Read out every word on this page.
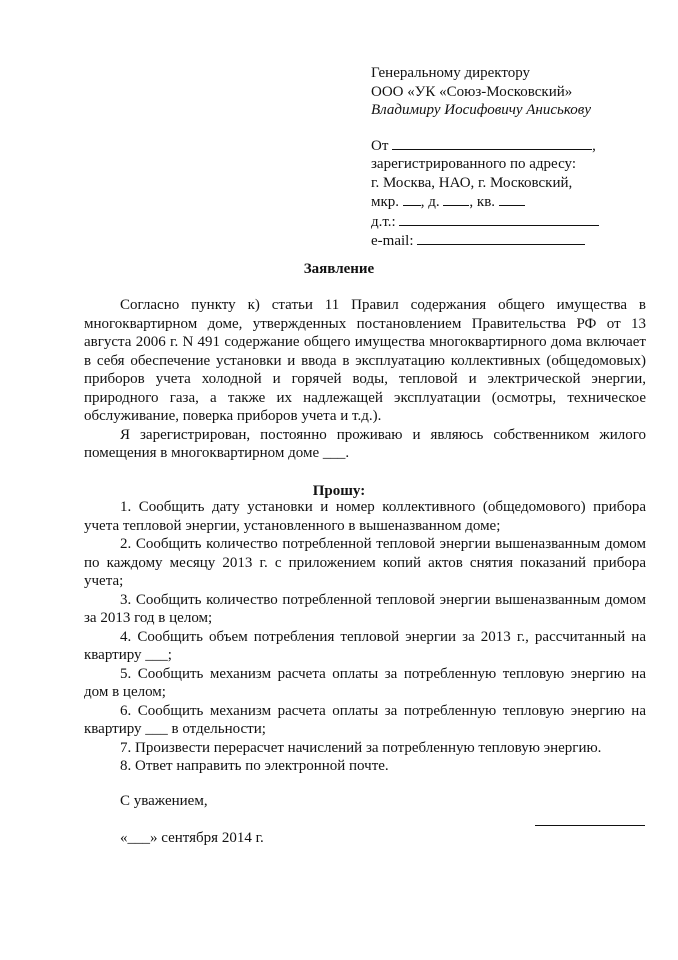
Генеральному директору
ООО «УК «Союз-Московский»
Владимиру Иосифовичу Аниськову
От	,
зарегистрированного по адресу:
г. Москва, НАО, г. Московский,
мкр. , д. , кв.
д.т.:
e-mail:
Заявление

Согласно пункту к) статьи 11 Правил содержания общего имущества в многоквартирном доме, утвержденных постановлением Правительства РФ от 13 августа 2006 г. N 491 содержание общего имущества многоквартирного дома включает в себя обеспечение установки и ввода в эксплуатацию коллективных (общедомовых) приборов учета холодной и горячей воды, тепловой и электрической энергии, природного газа, а также их надлежащей эксплуатации (осмотры, техническое обслуживание, поверка приборов учета и т.д.).

Я зарегистрирован, постоянно проживаю и являюсь собственником жилого помещения в многоквартирном доме ___.

Прошу:

1. Сообщить дату установки и номер коллективного (общедомового) прибора учета тепловой энергии, установленного в вышеназванном доме;

2. Сообщить количество потребленной тепловой энергии вышеназванным домом по каждому месяцу 2013 г. с приложением копий актов снятия показаний прибора учета;

3. Сообщить количество потребленной тепловой энергии вышеназванным домом за 2013 год в целом;

4. Сообщить объем потребления тепловой энергии за 2013 г., рассчитанный на квартиру ___;

5. Сообщить механизм расчета оплаты за потребленную тепловую энергию на дом в целом;

6. Сообщить механизм расчета оплаты за потребленную тепловую энергию на квартиру ___ в отдельности;

7. Произвести перерасчет начислений за потребленную тепловую энергию.

8. Ответ направить по электронной почте.

С уважением,
«___» сентября 2014 г.
